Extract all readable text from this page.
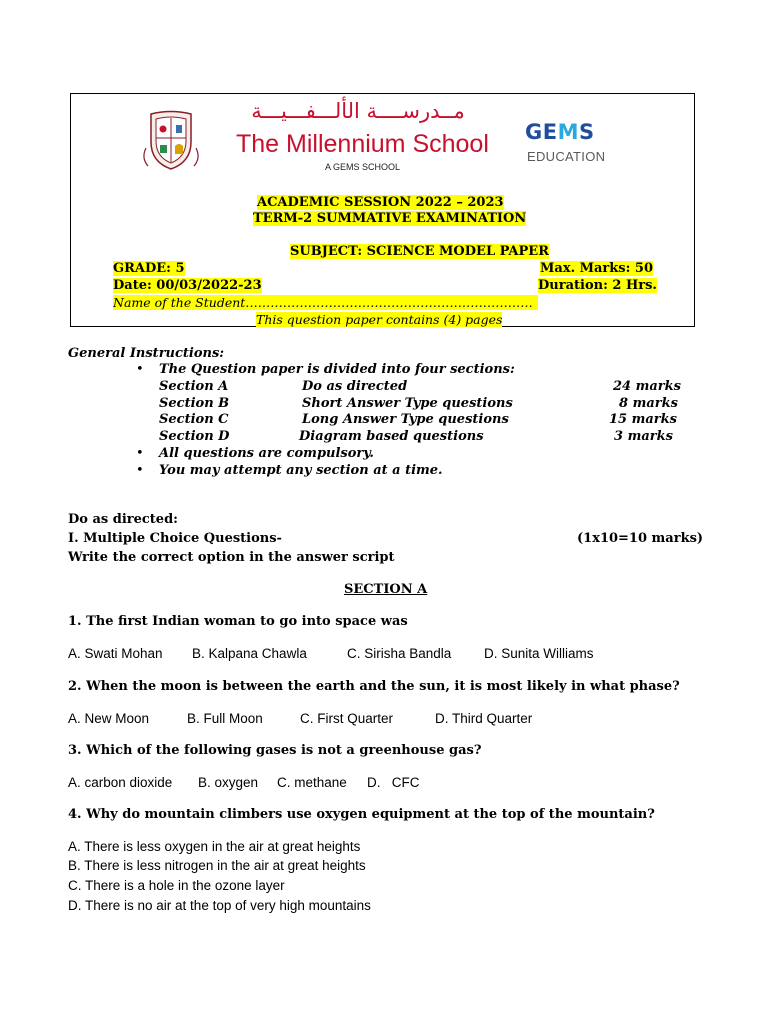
مــدرســــة الألـــفـــيـــة
The Millennium School
A GEMS SCHOOL
GEMS
EDUCATION
ACADEMIC SESSION 2022 – 2023
TERM-2 SUMMATIVE EXAMINATION
SUBJECT: SCIENCE MODEL PAPER
GRADE: 5	Max. Marks: 50
Date: 00/03/2022-23	Duration: 2 Hrs.
Name of the Student……………………………………………………………
This question paper contains (4) pages
General Instructions:
• The Question paper is divided into four sections:
Section A	Do as directed	24 marks
Section B	Short Answer Type questions	8 marks
Section C	Long Answer Type questions	15 marks
Section D	Diagram based questions	3 marks
• All questions are compulsory.
• You may attempt any section at a time.
Do as directed:
I. Multiple Choice Questions-	(1x10=10 marks)
Write the correct option in the answer script
SECTION A
1. The first Indian woman to go into space was
A. Swati Mohan B. Kalpana Chawla	C. Sirisha Bandla D. Sunita Williams
2. When the moon is between the earth and the sun, it is most likely in what phase?
A. New Moon	B. Full Moon	C. First Quarter	D. Third Quarter
3. Which of the following gases is not a greenhouse gas?
A. carbon dioxide B. oxygen C. methane D.   CFC
4. Why do mountain climbers use oxygen equipment at the top of the mountain?
A. There is less oxygen in the air at great heights
B. There is less nitrogen in the air at great heights
C. There is a hole in the ozone layer
D. There is no air at the top of very high mountains
